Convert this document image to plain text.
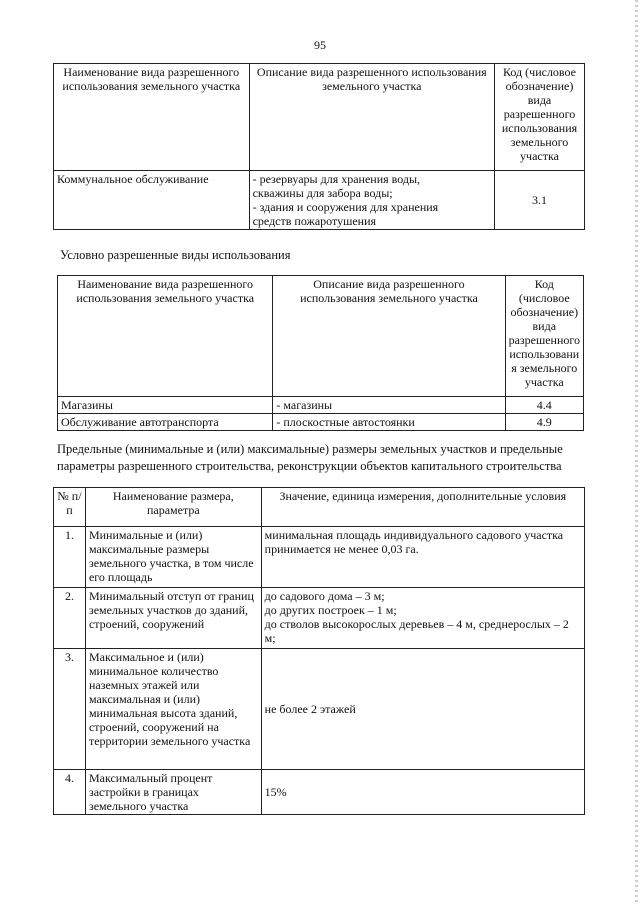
95
Наименование вида разрешенного использования земельного участка	Описание вида разрешенного использования земельного участка	Код (числовое обозначение) вида разрешенного использования земельного участка
Коммунальное обслуживание	- резервуары для хранения воды,
скважины для забора воды;
- здания и сооружения для хранения
средств пожаротушения	3.1
Условно разрешенные виды использования
Наименование вида разрешенного использования земельного участка	Описание вида разрешенного использования земельного участка	Код (числовое обозначение) вида разрешенного использовани я земельного участка
Магазины	- магазины	4.4
Обслуживание автотранспорта	- плоскостные автостоянки	4.9
Предельные (минимальные и (или) максимальные) размеры земельных участков и предельные параметры разрешенного строительства, реконструкции объектов капитального строительства
№ п/п	Наименование размера, параметра	Значение, единица измерения, дополнительные условия
1.	Минимальные и (или) максимальные размеры земельного участка, в том числе его площадь	минимальная площадь индивидуального садового участка принимается не менее 0,03 га.
2.	Минимальный отступ от границ земельных участков до зданий, строений, сооружений	до садового дома – 3 м;
до других построек – 1 м;
до стволов высокорослых деревьев – 4 м, среднерослых – 2 м;

3.	Максимальное и (или) минимальное количество наземных этажей или максимальная и (или) минимальная высота зданий, строений, сооружений на территории земельного участка	не более 2 этажей
4.	Максимальный процент застройки в границах земельного участка	15%
